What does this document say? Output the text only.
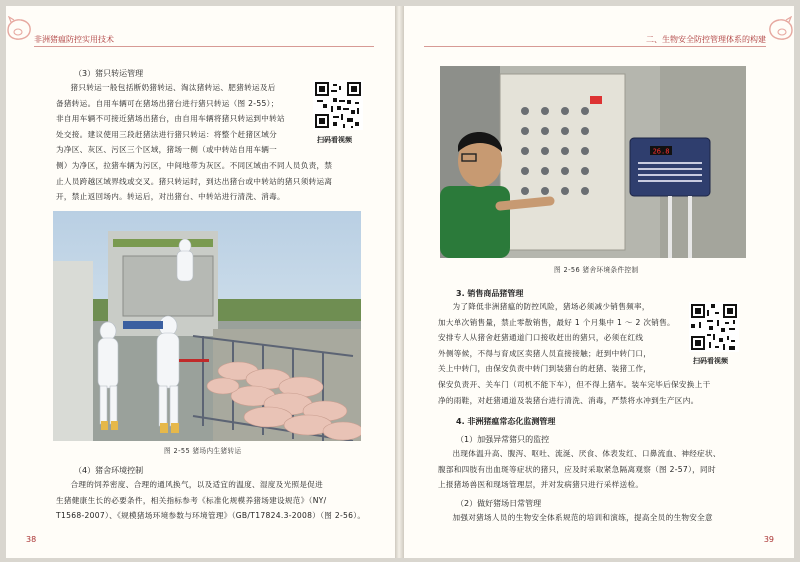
非洲猪瘟防控实用技术
（3）猪只转运管理

猪只转运一般包括断奶猪转运、淘汰猪转运、肥猪转运及后

备猪转运。自用车辆可在猪场出猪台进行猪只转运（图 2-55）；
非自用车辆不可接近猪场出猪台，由自用车辆将猪只转运到中转站
处交接。建议使用三段赶猪法进行猪只转运：将整个赶猪区域分
为净区、灰区、污区三个区域，猪场一侧（或中转站自用车辆一
侧）为净区，拉猪车辆为污区，中间地带为灰区。不同区域由不同人员负责，禁
止人员跨越区域界线或交叉。猪只转运时，到达出猪台或中转站的猪只须转运离
开，禁止返回场内。转运后，对出猪台、中转站进行清洗、消毒。
扫码看视频
图 2-55 猪场内生猪转运
（4）猪舍环境控制

合理的饲养密度、合理的通风换气，以及适宜的温度、湿度及光照是促进

生猪健康生长的必要条件，相关指标参考《标准化规模养猪场建设规范》（NY/
T1568-2007）、《规模猪场环境参数与环境管理》（GB/T17824.3-2008）（图 2-56）。
38
二、生物安全防控管理体系的构建
26.8
图 2-56 猪舍环境条件控制
3. 销售商品猪管理

为了降低非洲猪瘟的防控风险，猪场必须减少销售频率，

加大单次销售量，禁止零散销售，最好 1 个月集中 1 ～ 2 次销售。
安排专人从猪舍赶猪通道门口接收赶出的猪只，必须在红线
外侧等候，不得与育成区卖猪人员直接接触；赶到中转门口，
关上中转门，由保安负责中转门到装猪台的赶猪、装猪工作，
保安负责开、关车门（司机不能下车），但不得上猪车。装车完毕后保安换上干
净的雨鞋，对赶猪通道及装猪台进行清洗、消毒，严禁将水冲到生产区内。
扫码看视频
4. 非洲猪瘟常态化监测管理
（1）加强异常猪只的监控

出现体温升高、腹泻、呕吐、流涎、厌食、体表发红、口鼻流血、神经症状、

腹部和四肢有出血斑等症状的猪只，应及时采取紧急隔离观察（图 2-57），同时
上报猪场兽医和现场管理层，并对发病猪只进行采样送检。
（2）做好猪场日常管理

加强对猪场人员的生物安全体系规范的培训和演练，提高全员的生物安全意

39
